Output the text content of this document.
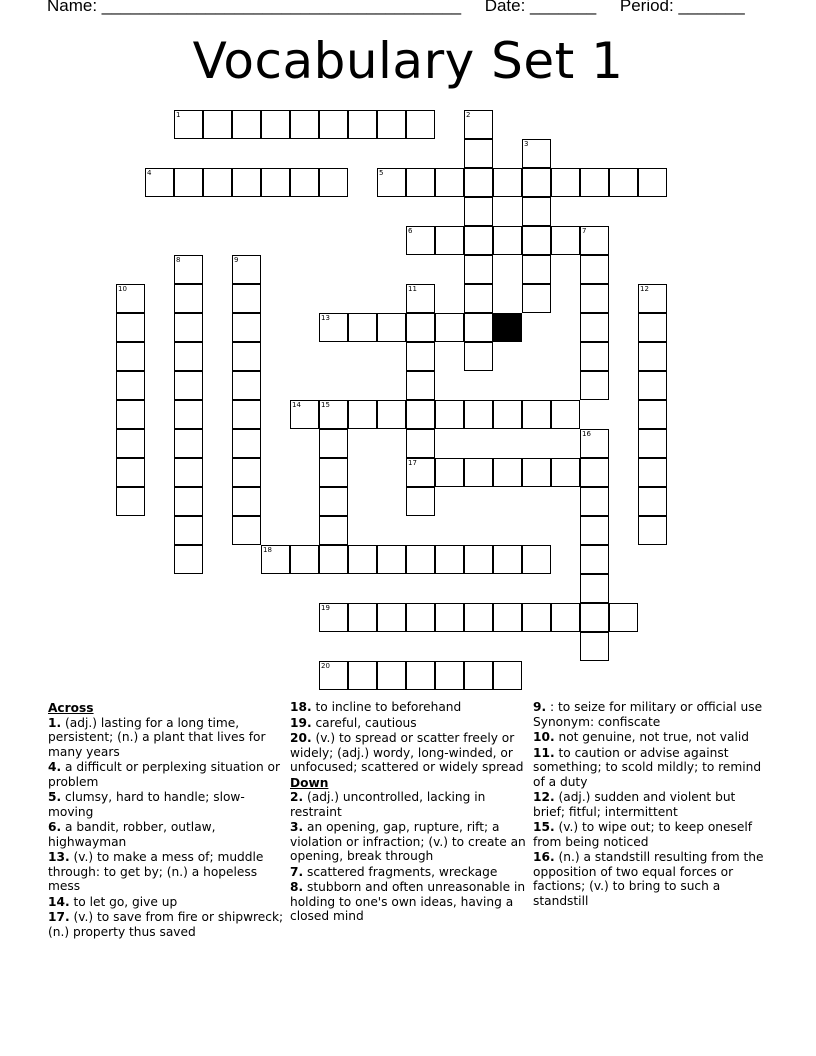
Name: ______________________________________ Date: _______ Period: _______
Vocabulary Set 1
1	2
3
4	5
6	7
8	9
10	11	12
13
14	15
16
17
18
19
20
Across
1. (adj.) lasting for a long time, persistent; (n.) a plant that lives for many years
4. a difficult or perplexing situation or problem
5. clumsy, hard to handle; slow-moving
6. a bandit, robber, outlaw, highwayman
13. (v.) to make a mess of; muddle through: to get by; (n.) a hopeless mess
14. to let go, give up
17. (v.) to save from fire or shipwreck; (n.) property thus saved
18. to incline to beforehand
19. careful, cautious
20. (v.) to spread or scatter freely or widely; (adj.) wordy, long-winded, or unfocused; scattered or widely spread
Down
2. (adj.) uncontrolled, lacking in restraint
3. an opening, gap, rupture, rift; a violation or infraction; (v.) to create an opening, break through
7. scattered fragments, wreckage
8. stubborn and often unreasonable in holding to one's own ideas, having a closed mind
9. : to seize for military or official use Synonym: confiscate
10. not genuine, not true, not valid
11. to caution or advise against something; to scold mildly; to remind of a duty
12. (adj.) sudden and violent but brief; fitful; intermittent
15. (v.) to wipe out; to keep oneself from being noticed
16. (n.) a standstill resulting from the opposition of two equal forces or factions; (v.) to bring to such a standstill
